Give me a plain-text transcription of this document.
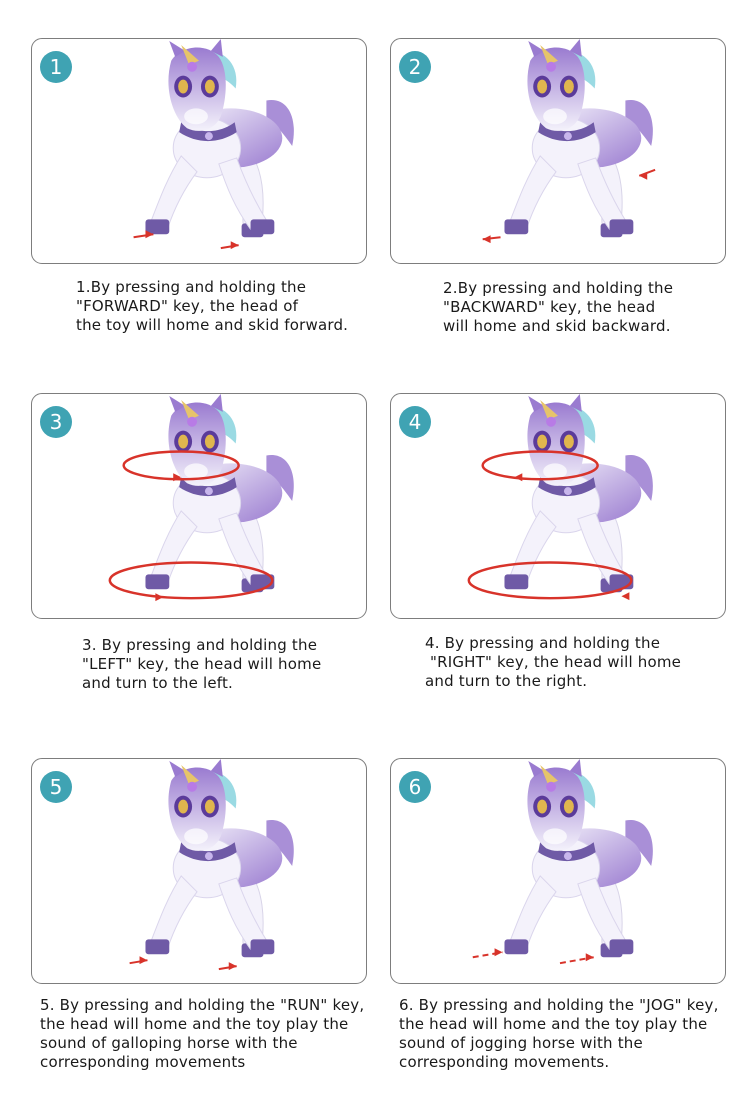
1
1.By pressing and holding the
"FORWARD" key, the head of
the toy will home and skid forward.
2
2.By pressing and holding the
"BACKWARD" key, the head
will home and skid backward.
3
3. By pressing and holding the
"LEFT" key, the head will home
and turn to the left.
4
4. By pressing and holding the
"RIGHT" key, the head will home
and turn to the right.
5
5. By pressing and holding the "RUN" key,
the head will home and the toy play the
sound of galloping horse with the
corresponding movements
6
6. By pressing and holding the "JOG" key,
the head will home and the toy play the
sound of jogging horse with the
corresponding movements.
